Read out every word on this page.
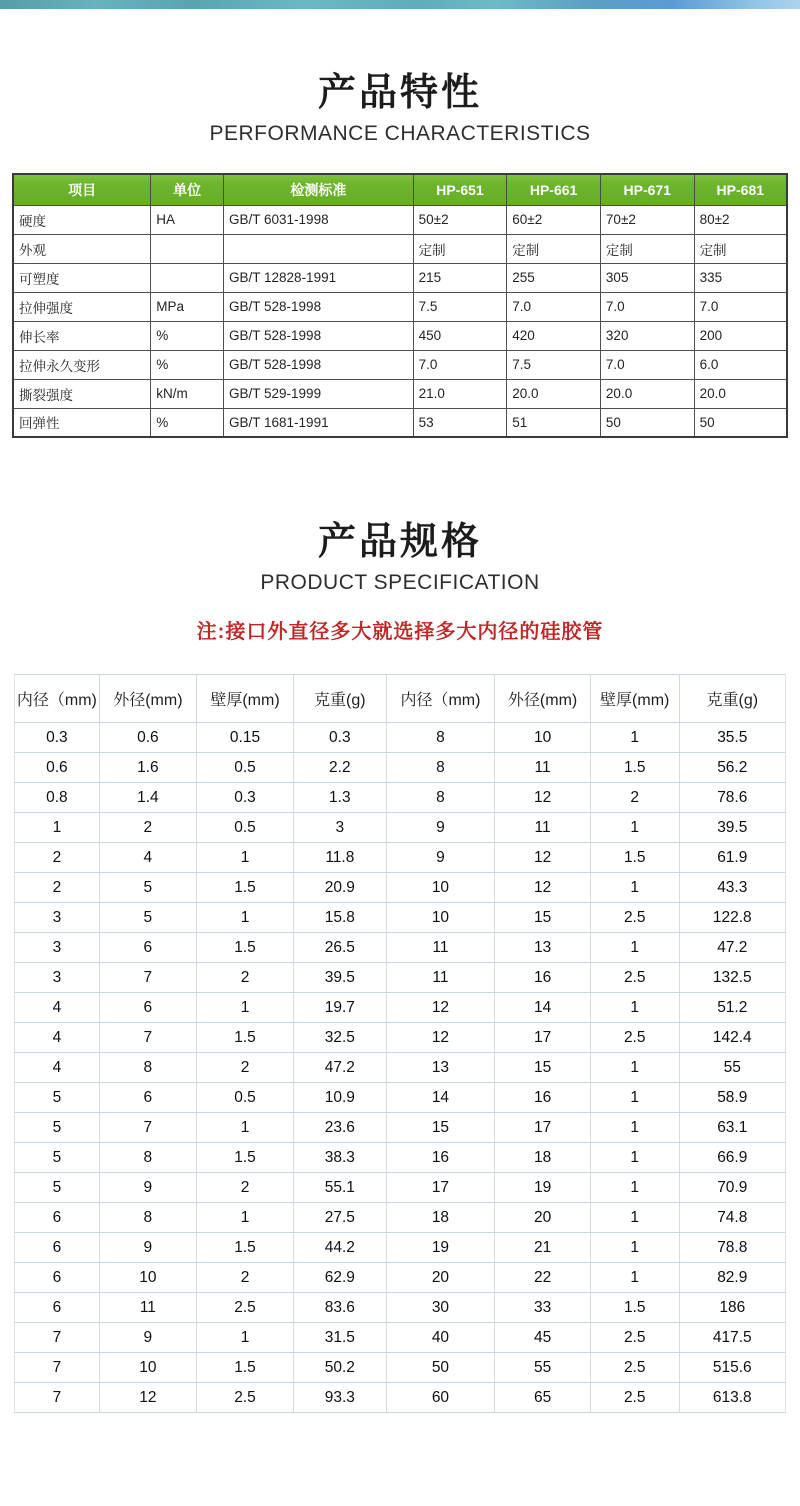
产品特性
PERFORMANCE CHARACTERISTICS
项目	单位	检测标准	HP-651	HP-661	HP-671	HP-681
硬度	HA	GB/T 6031-1998	50±2	60±2	70±2	80±2
外观			定制	定制	定制	定制
可塑度		GB/T 12828-1991	215	255	305	335
拉伸强度	MPa	GB/T 528-1998	7.5	7.0	7.0	7.0
伸长率	%	GB/T 528-1998	450	420	320	200
拉伸永久变形	%	GB/T 528-1998	7.0	7.5	7.0	6.0
撕裂强度	kN/m	GB/T 529-1999	21.0	20.0	20.0	20.0
回弹性	%	GB/T 1681-1991	53	51	50	50
产品规格
PRODUCT SPECIFICATION
注:接口外直径多大就选择多大内径的硅胶管
内径（mm)	外径(mm)	壁厚(mm)	克重(g)	内径（mm)	外径(mm)	壁厚(mm)	克重(g)
0.3	0.6	0.15	0.3	8	10	1	35.5
0.6	1.6	0.5	2.2	8	11	1.5	56.2
0.8	1.4	0.3	1.3	8	12	2	78.6
1	2	0.5	3	9	11	1	39.5
2	4	1	11.8	9	12	1.5	61.9
2	5	1.5	20.9	10	12	1	43.3
3	5	1	15.8	10	15	2.5	122.8
3	6	1.5	26.5	11	13	1	47.2
3	7	2	39.5	11	16	2.5	132.5
4	6	1	19.7	12	14	1	51.2
4	7	1.5	32.5	12	17	2.5	142.4
4	8	2	47.2	13	15	1	55
5	6	0.5	10.9	14	16	1	58.9
5	7	1	23.6	15	17	1	63.1
5	8	1.5	38.3	16	18	1	66.9
5	9	2	55.1	17	19	1	70.9
6	8	1	27.5	18	20	1	74.8
6	9	1.5	44.2	19	21	1	78.8
6	10	2	62.9	20	22	1	82.9
6	11	2.5	83.6	30	33	1.5	186
7	9	1	31.5	40	45	2.5	417.5
7	10	1.5	50.2	50	55	2.5	515.6
7	12	2.5	93.3	60	65	2.5	613.8
